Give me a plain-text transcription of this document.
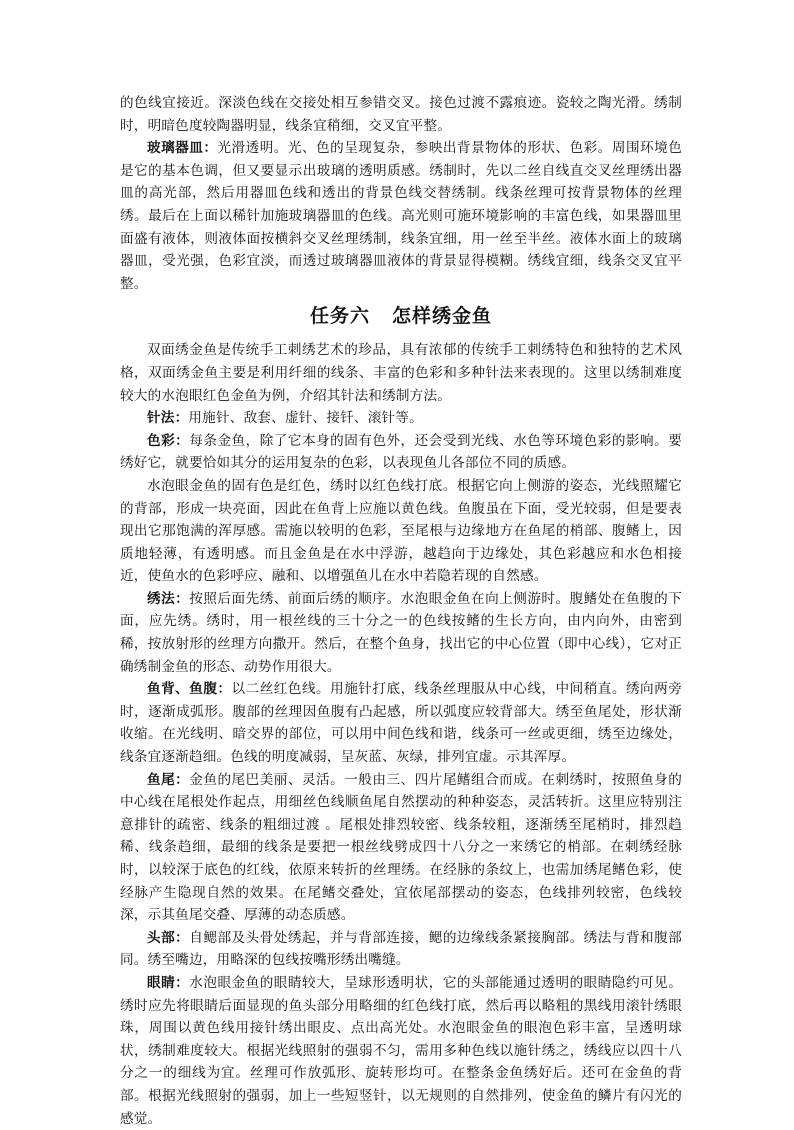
的色线宜接近。深淡色线在交接处相互参错交叉。接色过渡不露痕迹。瓷较之陶光滑。绣制时，明暗色度较陶器明显，线条宜稍细，交叉宜平整。

玻璃器皿：光滑透明。光、色的呈现复杂，参映出背景物体的形状、色彩。周围环境色是它的基本色调，但又要显示出玻璃的透明质感。绣制时，先以二丝自线直交叉丝理绣出器皿的高光部，然后用器皿色线和透出的背景色线交替绣制。线条丝理可按背景物体的丝理绣。最后在上面以稀针加施玻璃器皿的色线。高光则可施环境影响的丰富色线，如果器皿里面盛有液体，则液体面按横斜交叉丝理绣制，线条宜细，用一丝至半丝。液体水面上的玻璃器皿，受光强，色彩宜淡，而透过玻璃器皿液体的背景显得模糊。绣线宜细，线条交叉宜平整。

任务六 怎样绣金鱼

双面绣金鱼是传统手工刺绣艺术的珍品，具有浓郁的传统手工刺绣特色和独特的艺术风格，双面绣金鱼主要是利用纤细的线条、丰富的色彩和多种针法来表现的。这里以绣制难度较大的水泡眼红色金鱼为例，介绍其针法和绣制方法。

针法：用施针、敌套、虚针、接钎、滚针等。

色彩：每条金鱼，除了它本身的固有色外，还会受到光线、水色等环境色彩的影响。要绣好它，就要恰如其分的运用复杂的色彩，以表现鱼儿各部位不同的质感。

水泡眼金鱼的固有色是红色，绣时以红色线打底。根据它向上侧游的姿态，光线照耀它的背部，形成一块亮面，因此在鱼背上应施以黄色线。鱼腹虽在下面，受光较弱，但是要表现出它那饱满的浑厚感。需施以较明的色彩，至尾根与边缘地方在鱼尾的梢部、腹鳍上，因质地轻薄，有透明感。而且金鱼是在水中浮游，越趋向于边缘处，其色彩越应和水色相接近，使鱼水的色彩呼应、融和、以增强鱼儿在水中若隐若现的自然感。

绣法：按照后面先绣、前面后绣的顺序。水泡眼金鱼在向上侧游时。腹鳍处在鱼腹的下面，应先绣。绣时，用一根丝线的三十分之一的色线按鳍的生长方向，由内向外，由密到稀，按放射形的丝理方向撒开。然后，在整个鱼身，找出它的中心位置（即中心线），它对正确绣制金鱼的形态、动势作用很大。

鱼背、鱼腹：以二丝红色线。用施针打底，线条丝理服从中心线，中间稍直。绣向两旁时，逐渐成弧形。腹部的丝理因鱼腹有凸起感，所以弧度应较背部大。绣至鱼尾处，形状渐收缩。在光线明、暗交界的部位，可以用中间色线和谐，线条可一丝或更细，绣至边缘处，线条宜逐渐趋细。色线的明度减弱，呈灰蓝、灰绿，排列宜虚。示其浑厚。

鱼尾：金鱼的尾巴美丽、灵活。一般由三、四片尾鳍组合而成。在刺绣时，按照鱼身的中心线在尾根处作起点，用细丝色线顺鱼尾自然摆动的种种姿态，灵活转折。这里应特别注意排针的疏密、线条的粗细过渡 。尾根处排烈较密、线条较粗，逐渐绣至尾梢时，排烈趋稀、线条趋细，最细的线条是要把一根丝线劈成四十八分之一来绣它的梢部。在刺绣经脉时，以较深于底色的红线，依原来转折的丝理绣。在经脉的条纹上，也需加绣尾鳍色彩，使经脉产生隐现自然的效果。在尾鳍交叠处，宜依尾部摆动的姿态，色线排列较密，色线较深，示其鱼尾交叠、厚薄的动态质感。

头部：自鳃部及头骨处绣起，并与背部连接，鳃的边缘线条紧接胸部。绣法与背和腹部同。绣至嘴边，用略深的包线按嘴形绣出嘴缝。

眼睛：水泡眼金鱼的眼睛较大，呈球形透明状，它的头部能通过透明的眼睛隐约可见。绣时应先将眼睛后面显现的鱼头部分用略细的红色线打底，然后再以略粗的黑线用滚针绣眼珠，周围以黄色线用接针绣出眼皮、点出高光处。水泡眼金鱼的眼泡色彩丰富，呈透明球状，绣制难度较大。根据光线照射的强弱不匀，需用多种色线以施针绣之，绣线应以四十八分之一的细线为宜。丝理可作放弧形、旋转形均可。在整条金鱼绣好后。还可在金鱼的背部。根据光线照射的强弱，加上一些短竖针，以无规则的自然排列，使金鱼的鳞片有闪光的感觉。
